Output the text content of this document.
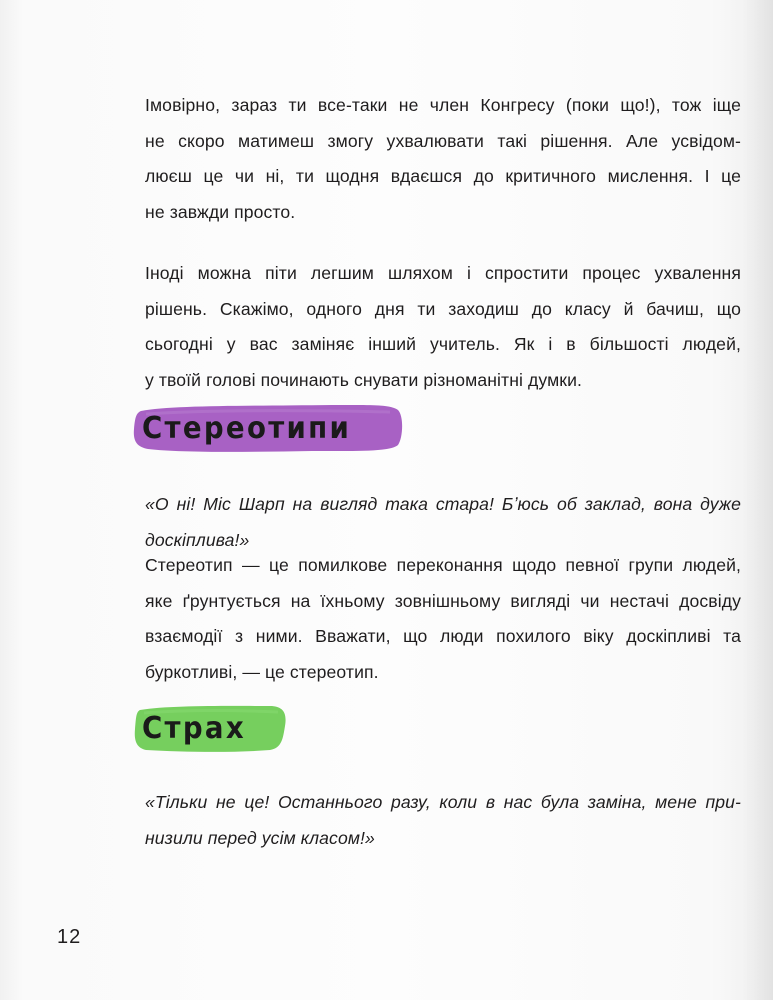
Імовірно, зараз ти все-таки не член Конгресу (поки що!), тож іще
не скоро матимеш змогу ухвалювати такі рішення. Але усвідом-
люєш це чи ні, ти щодня вдаєшся до критичного мислення. І це
не завжди просто.

Іноді можна піти легшим шляхом і спростити процес ухвалення
рішень. Скажімо, одного дня ти заходиш до класу й бачиш, що
сьогодні у вас заміняє інший учитель. Як і в більшості людей,
у твоїй голові починають снувати різноманітні думки.

Стереотипи

«О ні! Міс Шарп на вигляд така стара! Бʼюсь об заклад, вона дуже
доскіплива!»

Стереотип — це помилкове переконання щодо певної групи людей,
яке ґрунтується на їхньому зовнішньому вигляді чи нестачі досвіду
взаємодії з ними. Вважати, що люди похилого віку доскіпливі та
буркотливі, — це стереотип.

Страх

«Тільки не це! Останнього разу, коли в нас була заміна, мене при-
низили перед усім класом!»

12
